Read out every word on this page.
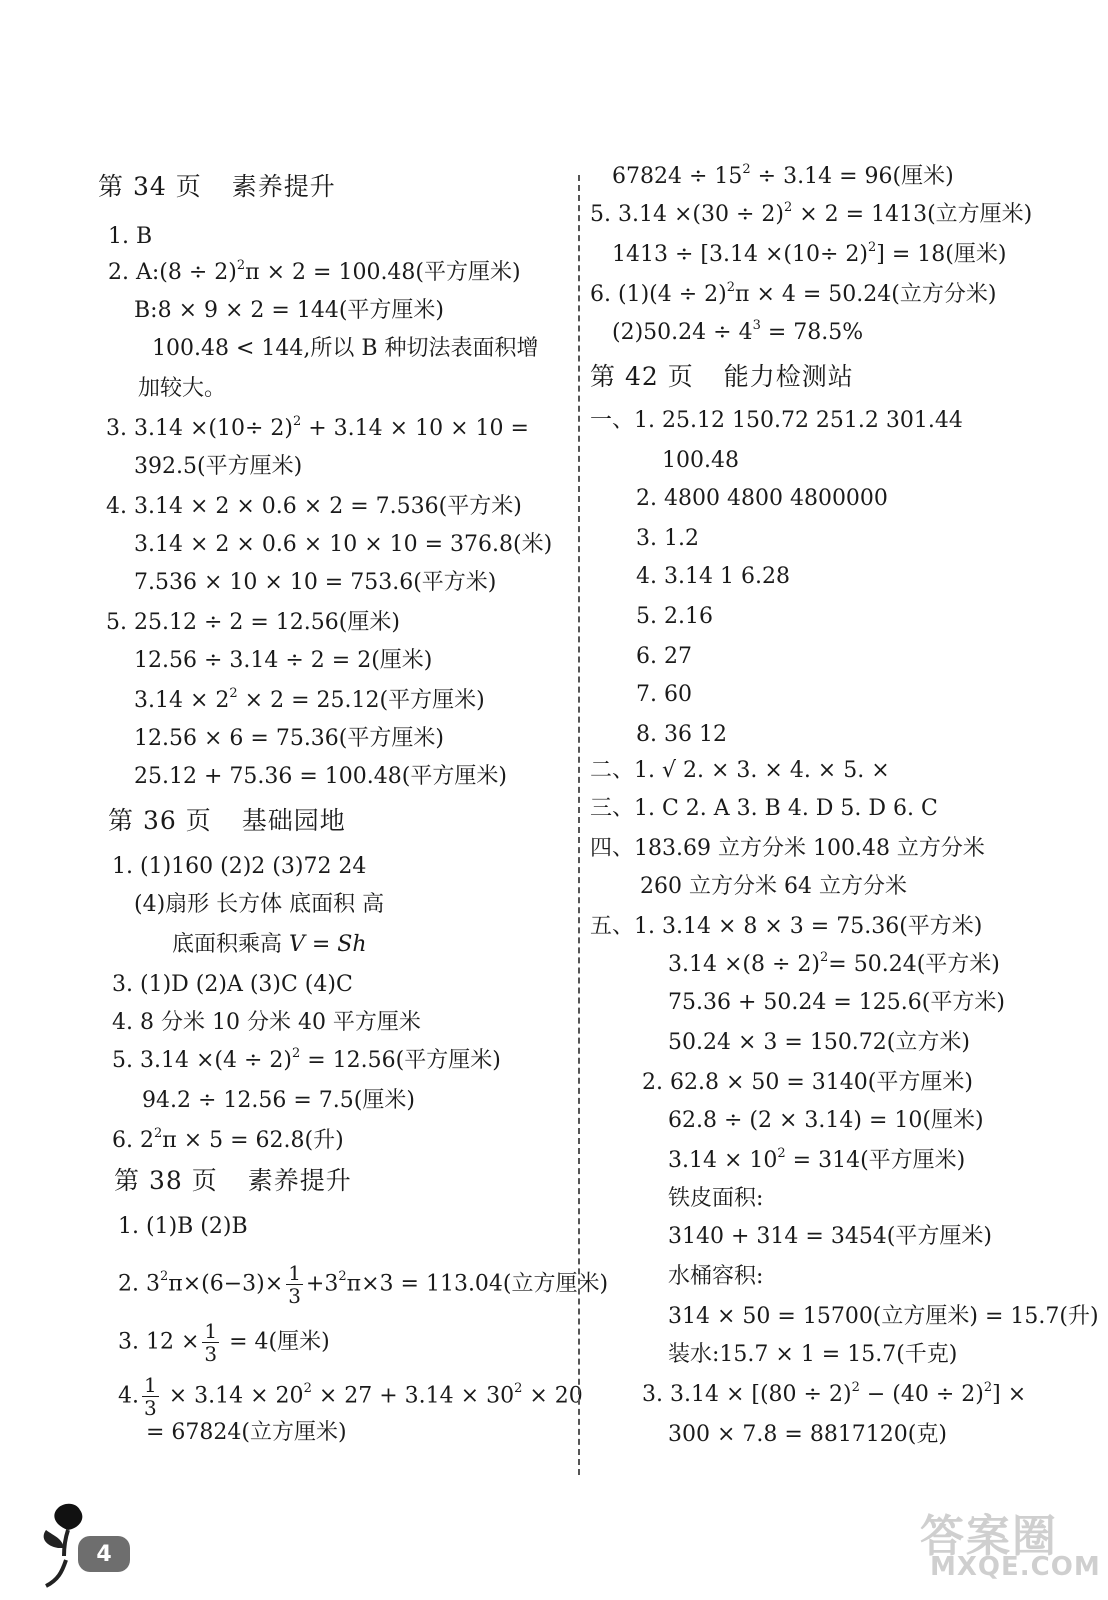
第 34 页 素养提升
1. B
2. A:(8 ÷ 2)$^2$π × 2 = 100.48(平方厘米)
B:8 × 9 × 2 = 144(平方厘米)
100.48 < 144,所以 B 种切法表面积增
加较大。
3. $3.14 \times(10\div 2)^2 + 3.14 \times 10 \times 10$ =
392.5(平方厘米)
4. 3.14 × 2 × 0.6 × 2 = 7.536(平方米)
3.14 × 2 × 0.6 × 10 × 10 = 376.8(米)
7.536 × 10 × 10 = 753.6(平方米)
5. 25.12 ÷ 2 = 12.56(厘米)
12.56 ÷ 3.14 ÷ 2 = 2(厘米)
$3.14 \times 2^2 \times 2 = 25.12$(平方厘米)
12.56 × 6 = 75.36(平方厘米)
25.12 + 75.36 = 100.48(平方厘米)
第 36 页 基础园地
1. (1)160 (2)2 (3)72 24
(4)扇形 长方体 底面积 高
底面积乘高 V = Sh
3. (1)D (2)A (3)C (4)C
4. 8 分米 10 分米 40 平方厘米
5. $3.14 \times(4 \div 2)^2 = 12.56$(平方厘米)
94.2 ÷ 12.56 = 7.5(厘米)
6. $2^2\pi \times 5 = 62.8$(升)
第 38 页 素养提升
1. (1)B (2)B
2. $3^2\pi\times(6-3)\times \frac{1}{3} +3^2\pi\times 3 = 113.04$(立方厘米)
3. $12 \times \frac{1}{3} = 4$(厘米)
4. $\frac{1}{3} \times 3.14 \times 20^2 \times 27 + 3.14 \times 30^2 \times 20$
= 67824(立方厘米)
$67824 \div 15^2 \div 3.14 = 96$(厘米)
5. $3.14 \times(30 \div 2)^2 \times 2 = 1413$(立方厘米)
$1413 \div [3.14 \times(10\div 2)^2] = 18$(厘米)
6. $(1)(4 \div 2)^2\pi \times 4 = 50.24$(立方分米)
$(2)50.24 \div 4^3 = 78.5\%$
第 42 页 能力检测站
一、1. 25.12 150.72 251.2 301.44
100.48
2. 4800 4800 4800000
3. 1.2
4. 3.14 1 6.28
5. 2.16
6. 27
7. 60
8. 36 12
二、1. √ 2. × 3. × 4. × 5. ×
三、1. C 2. A 3. B 4. D 5. D 6. C
四、183.69 立方分米 100.48 立方分米
260 立方分米 64 立方分米
五、1. 3.14 × 8 × 3 = 75.36(平方米)
$3.14 \times(8 \div 2)^2= 50.24$(平方米)
75.36 + 50.24 = 125.6(平方米)
50.24 × 3 = 150.72(立方米)
2. 62.8 × 50 = 3140(平方厘米)
62.8 ÷ (2 × 3.14) = 10(厘米)
$3.14 \times 10^2 = 314$(平方厘米)
铁皮面积:
3140 + 314 = 3454(平方厘米)
水桶容积:
314 × 50 = 15700(立方厘米) = 15.7(升)
装水:15.7 × 1 = 15.7(千克)
3. $3.14 \times [(80 \div 2)^2 - (40 \div 2)^2]$ ×
300 × 7.8 = 8817120(克)
4	答案圈
MXQE.COM
